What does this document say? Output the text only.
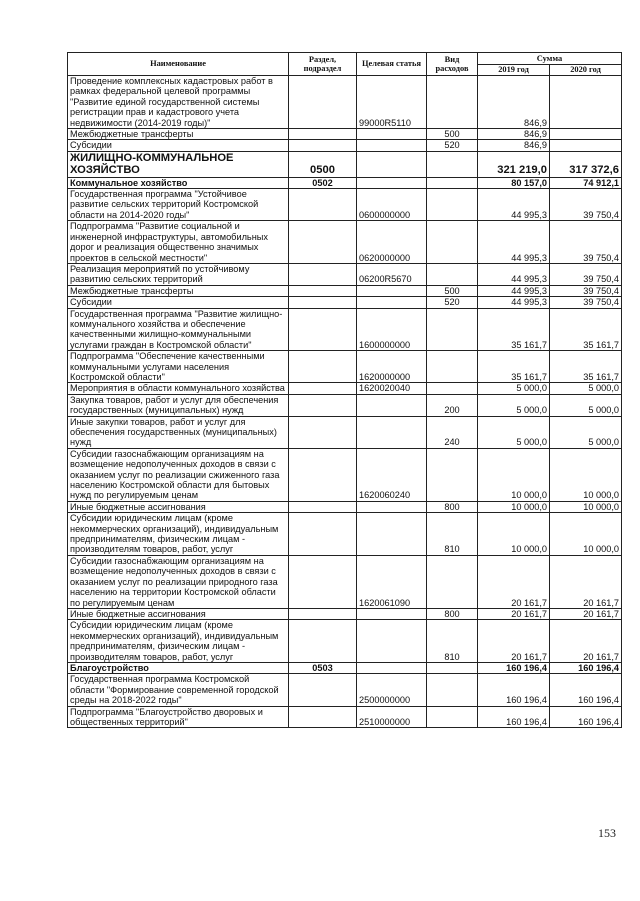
Наименование	Раздел, подраздел	Целевая статья	Вид расходов	Сумма	
				2019 год	2020 год
Проведение комплексных кадастровых работ в рамках федеральной целевой программы "Развитие единой государственной системы регистрации прав и кадастрового учета недвижимости (2014-2019 годы)"		99000R5110		846,9	
Межбюджетные трансферты			500	846,9	
Субсидии			520	846,9	
ЖИЛИЩНО-КОММУНАЛЬНОЕ ХОЗЯЙСТВО	0500			321 219,0	317 372,6
Коммунальное хозяйство	0502			80 157,0	74 912,1
Государственная программа "Устойчивое развитие сельских территорий Костромской области на 2014-2020 годы"		0600000000		44 995,3	39 750,4
Подпрограмма "Развитие социальной и инженерной инфраструктуры, автомобильных дорог и реализация общественно значимых проектов в сельской местности"		0620000000		44 995,3	39 750,4
Реализация мероприятий по устойчивому развитию сельских территорий		06200R5670		44 995,3	39 750,4
Межбюджетные трансферты			500	44 995,3	39 750,4
Субсидии			520	44 995,3	39 750,4
Государственная программа "Развитие жилищно-коммунального хозяйства и обеспечение качественными жилищно-коммунальными услугами граждан в Костромской области"		1600000000		35 161,7	35 161,7
Подпрограмма "Обеспечение качественными коммунальными услугами населения Костромской области"		1620000000		35 161,7	35 161,7
Мероприятия в области коммунального хозяйства		1620020040		5 000,0	5 000,0
Закупка товаров, работ и услуг для обеспечения государственных (муниципальных) нужд			200	5 000,0	5 000,0
Иные закупки товаров, работ и услуг для обеспечения государственных (муниципальных) нужд			240	5 000,0	5 000,0
Субсидии газоснабжающим организациям на возмещение недополученных доходов в связи с оказанием услуг по реализации сжиженного газа населению Костромской области для бытовых нужд по регулируемым ценам		1620060240		10 000,0	10 000,0
Иные бюджетные ассигнования			800	10 000,0	10 000,0
Субсидии юридическим лицам (кроме некоммерческих организаций), индивидуальным предпринимателям, физическим лицам - производителям товаров, работ, услуг			810	10 000,0	10 000,0
Субсидии газоснабжающим организациям на возмещение недополученных доходов в связи с оказанием услуг по реализации природного газа населению на территории Костромской области по регулируемым ценам		1620061090		20 161,7	20 161,7
Иные бюджетные ассигнования			800	20 161,7	20 161,7
Субсидии юридическим лицам (кроме некоммерческих организаций), индивидуальным предпринимателям, физическим лицам - производителям товаров, работ, услуг			810	20 161,7	20 161,7
Благоустройство	0503			160 196,4	160 196,4
Государственная программа Костромской области "Формирование современной городской среды на 2018-2022 годы"		2500000000		160 196,4	160 196,4
Подпрограмма "Благоустройство дворовых и общественных территорий"		2510000000		160 196,4	160 196,4
153
